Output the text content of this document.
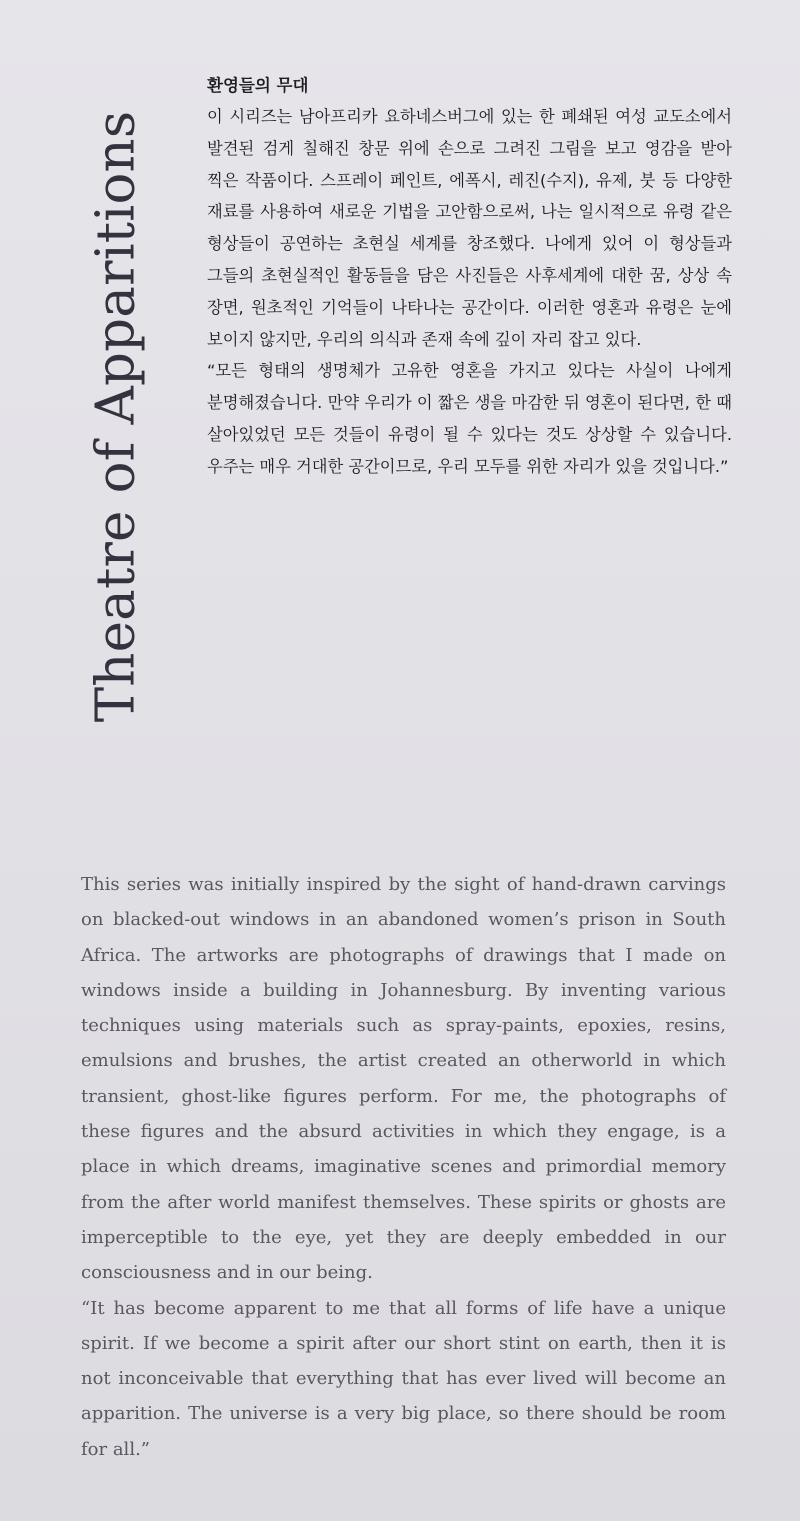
Theatre of Apparitions
환영들의 무대

이 시리즈는 남아프리카 요하네스버그에 있는 한 폐쇄된 여성 교도소에서 발견된 검게 칠해진 창문 위에 손으로 그려진 그림을 보고 영감을 받아 찍은 작품이다. 스프레이 페인트, 에폭시, 레진(수지), 유제, 붓 등 다양한 재료를 사용하여 새로운 기법을 고안함으로써, 나는 일시적으로 유령 같은 형상들이 공연하는 초현실 세계를 창조했다. 나에게 있어 이 형상들과 그들의 초현실적인 활동들을 담은 사진들은 사후세계에 대한 꿈, 상상 속 장면, 원초적인 기억들이 나타나는 공간이다. 이러한 영혼과 유령은 눈에 보이지 않지만, 우리의 의식과 존재 속에 깊이 자리 잡고 있다.

“모든 형태의 생명체가 고유한 영혼을 가지고 있다는 사실이 나에게 분명해졌습니다. 만약 우리가 이 짧은 생을 마감한 뒤 영혼이 된다면, 한 때 살아있었던 모든 것들이 유령이 될 수 있다는 것도 상상할 수 있습니다. 우주는 매우 거대한 공간이므로, 우리 모두를 위한 자리가 있을 것입니다.”

This series was initially inspired by the sight of hand-drawn carvings on blacked-out windows in an abandoned women’s prison in South Africa. The artworks are photographs of drawings that I made on windows inside a building in Johannesburg. By inventing various techniques using materials such as spray-paints, epoxies, resins, emulsions and brushes, the artist created an otherworld in which transient, ghost-like figures perform. For me, the photographs of these figures and the absurd activities in which they engage, is a place in which dreams, imaginative scenes and primordial memory from the after world manifest themselves. These spirits or ghosts are imperceptible to the eye, yet they are deeply embedded in our consciousness and in our being.

“It has become apparent to me that all forms of life have a unique spirit. If we become a spirit after our short stint on earth, then it is not inconceivable that everything that has ever lived will become an apparition. The universe is a very big place, so there should be room for all.”
